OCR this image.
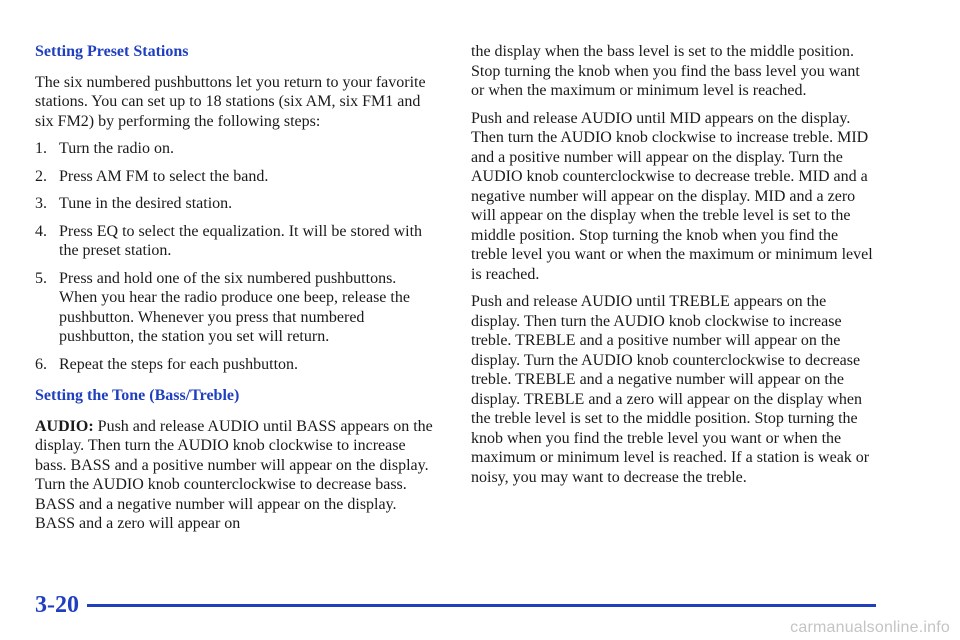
Setting Preset Stations

The six numbered pushbuttons let you return to your favorite stations. You can set up to 18 stations (six AM, six FM1 and six FM2) by performing the following steps:

1. Turn the radio on.
2. Press AM FM to select the band.
3. Tune in the desired station.
4. Press EQ to select the equalization. It will be stored with the preset station.
5. Press and hold one of the six numbered pushbuttons. When you hear the radio produce one beep, release the pushbutton. Whenever you press that numbered pushbutton, the station you set will return.
6. Repeat the steps for each pushbutton.
Setting the Tone (Bass/Treble)

AUDIO: Push and release AUDIO until BASS appears on the display. Then turn the AUDIO knob clockwise to increase bass. BASS and a positive number will appear on the display. Turn the AUDIO knob counterclockwise to decrease bass. BASS and a negative number will appear on the display. BASS and a zero will appear on

the display when the bass level is set to the middle position. Stop turning the knob when you find the bass level you want or when the maximum or minimum level is reached.

Push and release AUDIO until MID appears on the display. Then turn the AUDIO knob clockwise to increase treble. MID and a positive number will appear on the display. Turn the AUDIO knob counterclockwise to decrease treble. MID and a negative number will appear on the display. MID and a zero will appear on the display when the treble level is set to the middle position. Stop turning the knob when you find the treble level you want or when the maximum or minimum level is reached.

Push and release AUDIO until TREBLE appears on the display. Then turn the AUDIO knob clockwise to increase treble. TREBLE and a positive number will appear on the display. Turn the AUDIO knob counterclockwise to decrease treble. TREBLE and a negative number will appear on the display. TREBLE and a zero will appear on the display when the treble level is set to the middle position. Stop turning the knob when you find the treble level you want or when the maximum or minimum level is reached. If a station is weak or noisy, you may want to decrease the treble.

3-20
carmanualsonline.info
